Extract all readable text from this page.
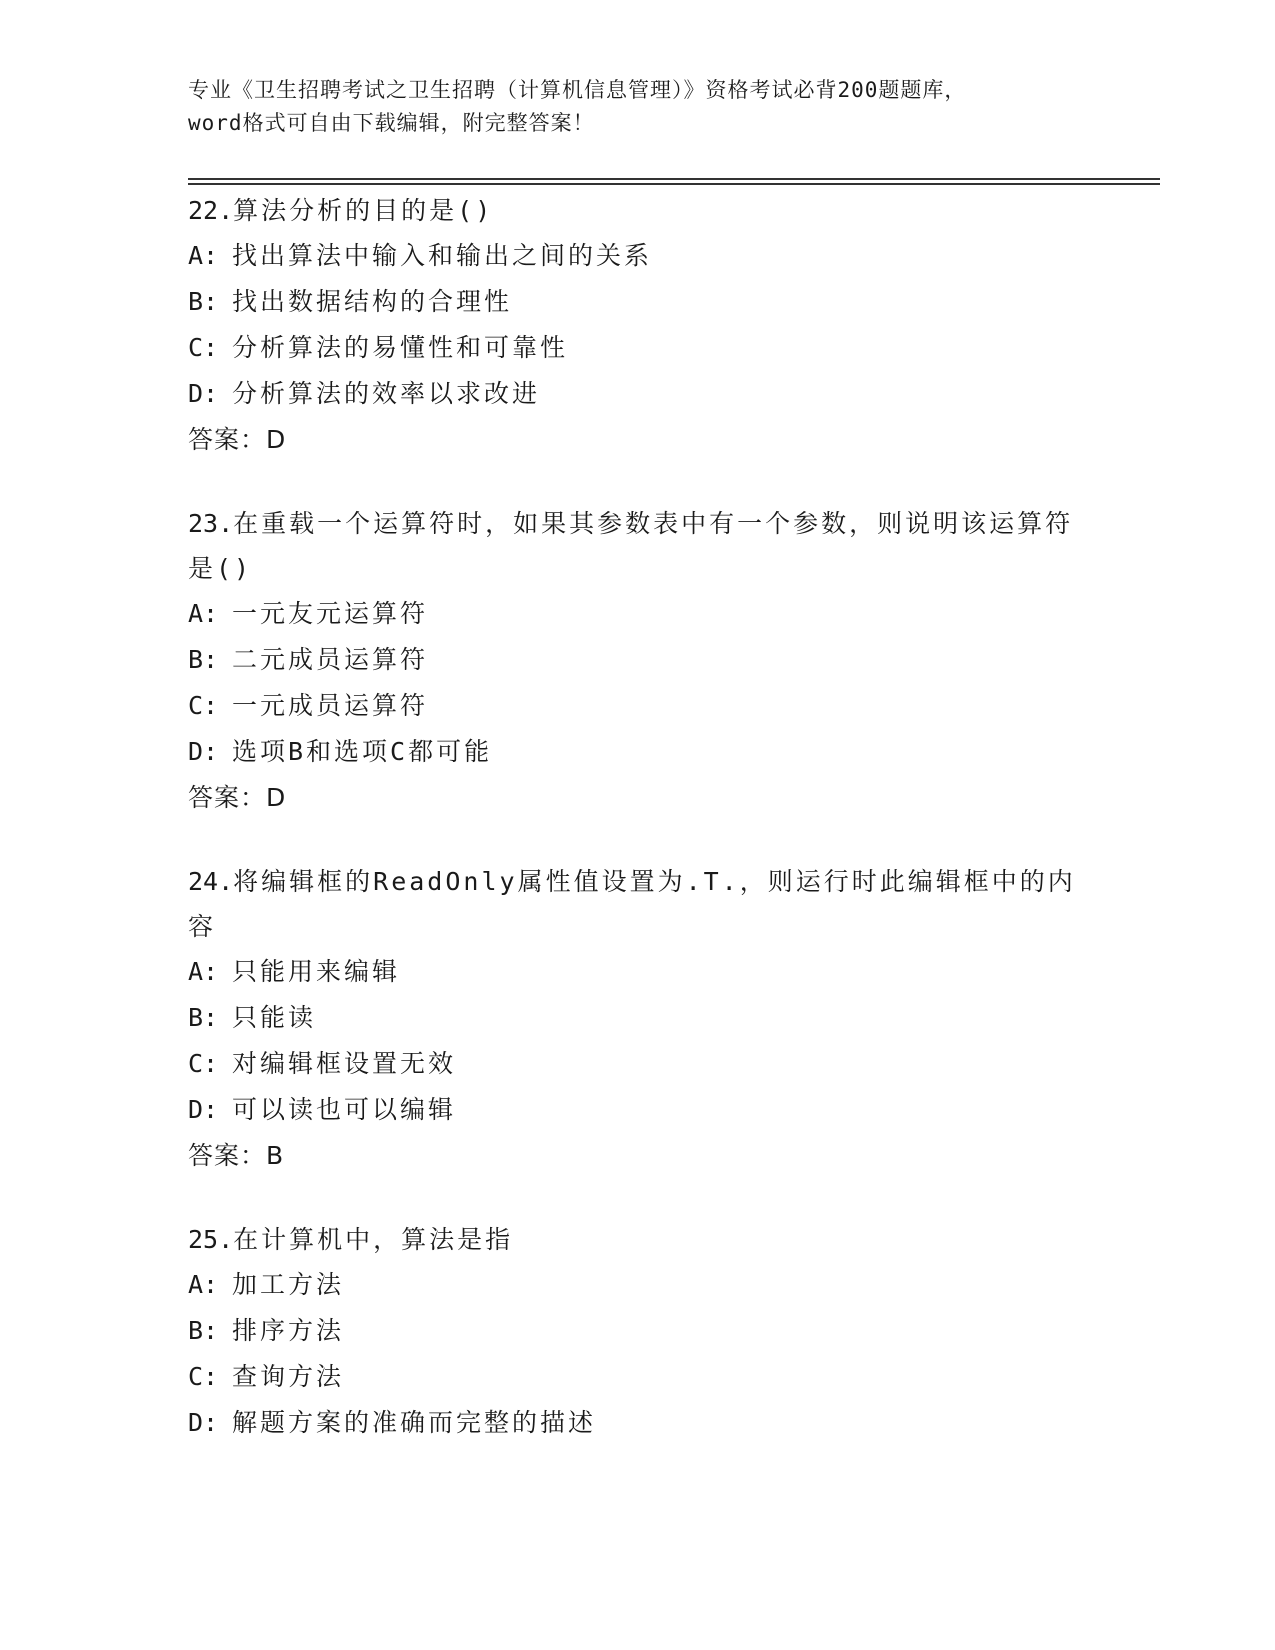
专业《卫生招聘考试之卫生招聘（计算机信息管理）》资格考试必背200题题库，
word格式可自由下载编辑，附完整答案！

22.算法分析的目的是()

A: 找出算法中输入和输出之间的关系

B: 找出数据结构的合理性

C: 分析算法的易懂性和可靠性

D: 分析算法的效率以求改进

答案：D

23.在重载一个运算符时，如果其参数表中有一个参数，则说明该运算符是()

A: 一元友元运算符

B: 二元成员运算符

C: 一元成员运算符

D: 选项B和选项C都可能

答案：D

24.将编辑框的ReadOnly属性值设置为.T.，则运行时此编辑框中的内容

A: 只能用来编辑

B: 只能读

C: 对编辑框设置无效

D: 可以读也可以编辑

答案：B

25.在计算机中，算法是指

A: 加工方法

B: 排序方法

C: 查询方法

D: 解题方案的准确而完整的描述
